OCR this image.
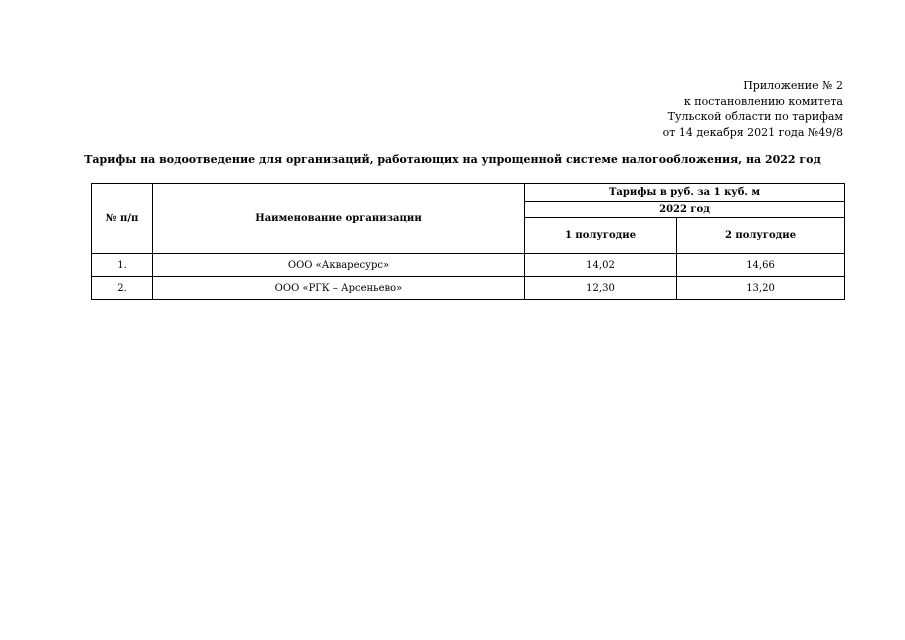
Приложение № 2
к постановлению комитета
Тульской области по тарифам
от 14 декабря 2021 года №49/8
Тарифы на водоотведение для организаций, работающих на упрощенной системе налогообложения, на 2022 год
№ п/п	Наименование организации	Тарифы в руб. за 1 куб. м	
		2022 год	
		1 полугодие	2 полугодие
1.	ООО «Акваресурс»	14,02	14,66
2.	ООО «РГК – Арсеньево»	12,30	13,20
